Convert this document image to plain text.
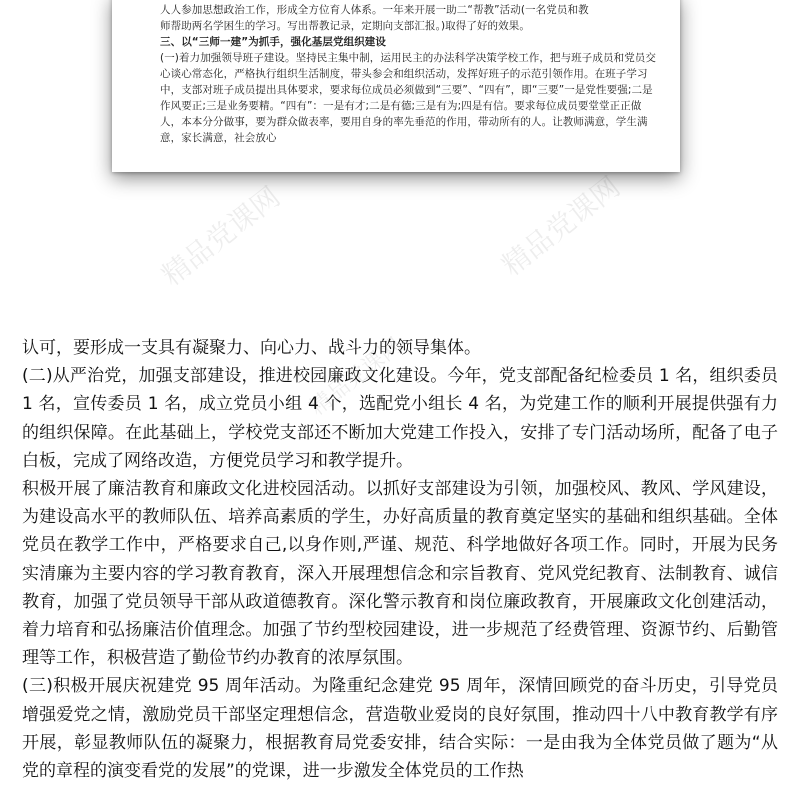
人人参加思想政治工作，形成全方位育人体系。一年来开展一助二“帮教”活动(一名党员和教

师帮助两名学困生的学习。写出帮教记录，定期向支部汇报。)取得了好的效果。

三、以“三师一建”为抓手，强化基层党组织建设

(一)着力加强领导班子建设。坚持民主集中制，运用民主的办法科学决策学校工作，把与班子成员和党员交心谈心常态化，严格执行组织生活制度，带头参会和组织活动，发挥好班子的示范引领作用。在班子学习中，支部对班子成员提出具体要求，要求每位成员必须做到“三要”、“四有”，即“三要”一是党性要强;二是作风要正;三是业务要精。“四有”：一是有才;二是有德;三是有为;四是有信。要求每位成员要堂堂正正做人，本本分分做事，要为群众做表率，要用自身的率先垂范的作用，带动所有的人。让教师满意，学生满意，家长满意，社会放心

精品党课网	精品党课网
精品党课网

认可，要形成一支具有凝聚力、向心力、战斗力的领导集体。

(二)从严治党，加强支部建设，推进校园廉政文化建设。今年，党支部配备纪检委员 1 名，组织委员 1 名，宣传委员 1 名，成立党员小组 4 个，选配党小组长 4 名，为党建工作的顺利开展提供强有力的组织保障。在此基础上，学校党支部还不断加大党建工作投入，安排了专门活动场所，配备了电子白板，完成了网络改造，方便党员学习和教学提升。

积极开展了廉洁教育和廉政文化进校园活动。以抓好支部建设为引领，加强校风、教风、学风建设，为建设高水平的教师队伍、培养高素质的学生，办好高质量的教育奠定坚实的基础和组织基础。全体党员在教学工作中，严格要求自己,以身作则,严谨、规范、科学地做好各项工作。同时，开展为民务实清廉为主要内容的学习教育教育，深入开展理想信念和宗旨教育、党风党纪教育、法制教育、诚信教育，加强了党员领导干部从政道德教育。深化警示教育和岗位廉政教育，开展廉政文化创建活动，着力培育和弘扬廉洁价值理念。加强了节约型校园建设，进一步规范了经费管理、资源节约、后勤管理等工作，积极营造了勤俭节约办教育的浓厚氛围。

(三)积极开展庆祝建党 95 周年活动。为隆重纪念建党 95 周年，深情回顾党的奋斗历史，引导党员增强爱党之情，激励党员干部坚定理想信念，营造敬业爱岗的良好氛围，推动四十八中教育教学有序开展，彰显教师队伍的凝聚力，根据教育局党委安排，结合实际：一是由我为全体党员做了题为“从党的章程的演变看党的发展”的党课，进一步激发全体党员的工作热
